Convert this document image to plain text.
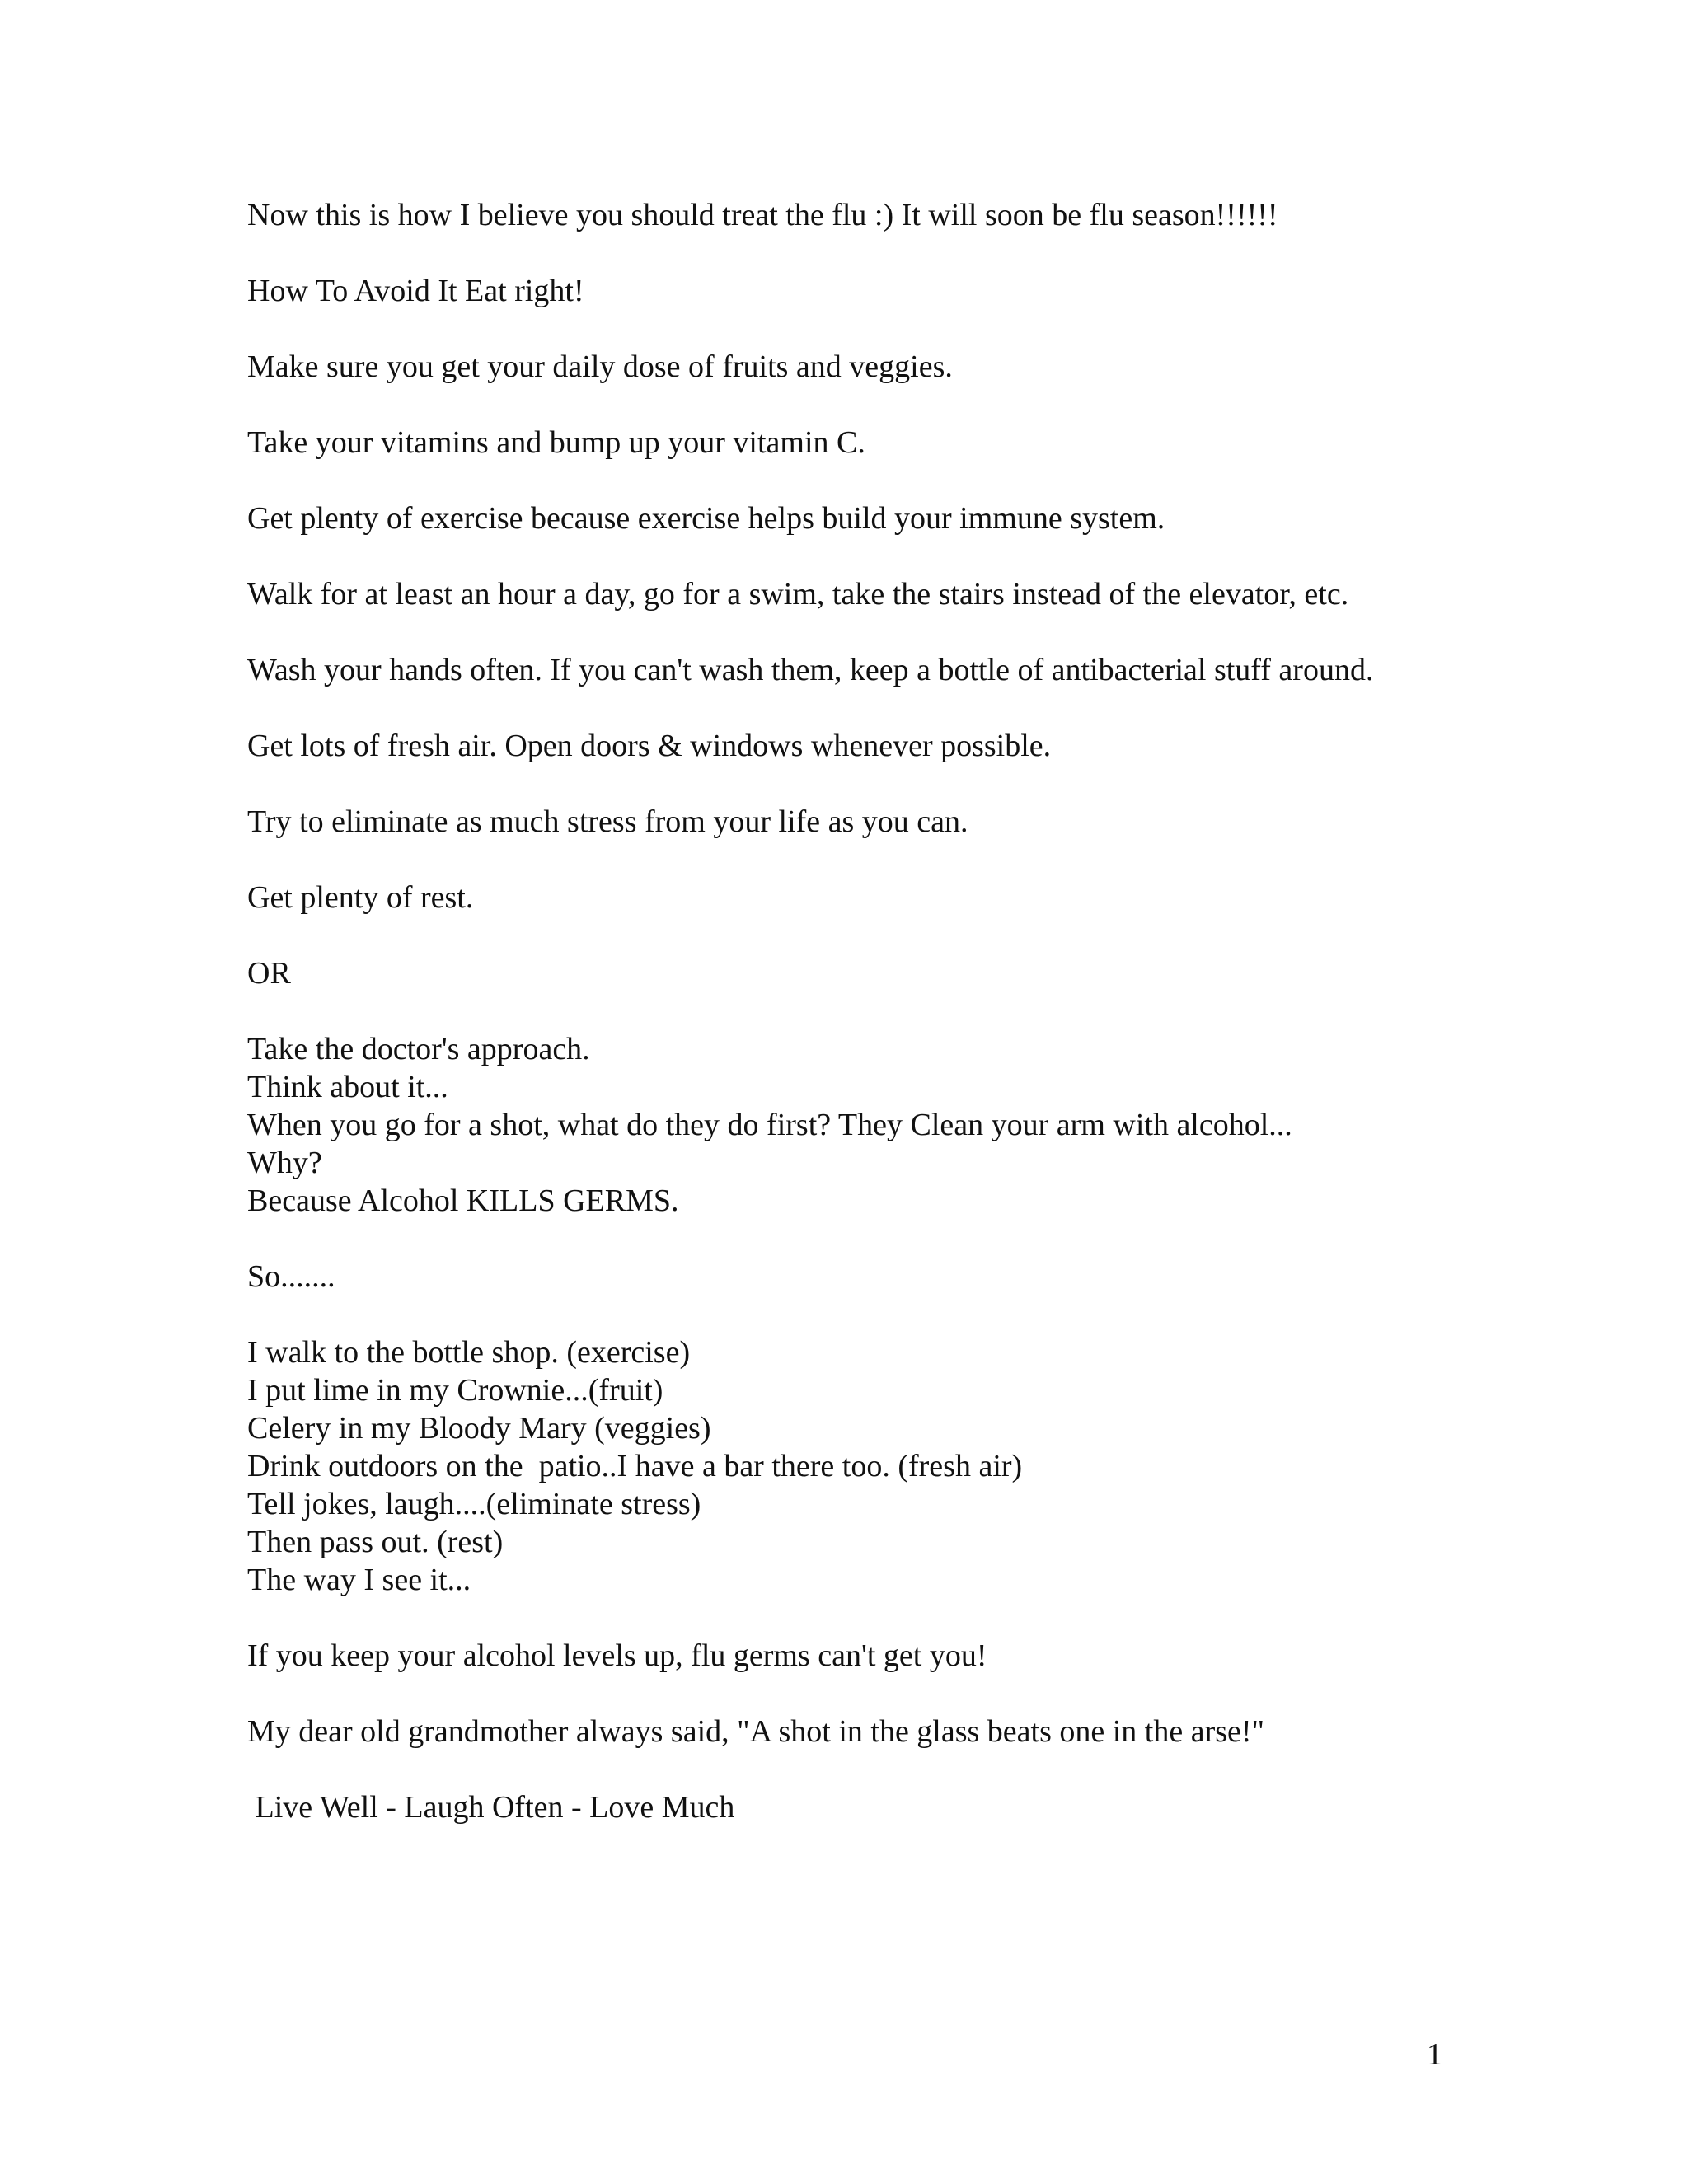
Now this is how I believe you should treat the flu :) It will soon be flu season!!!!!!

How To Avoid It Eat right!

Make sure you get your daily dose of fruits and veggies.

Take your vitamins and bump up your vitamin C.

Get plenty of exercise because exercise helps build your immune system.

Walk for at least an hour a day, go for a swim, take the stairs instead of the elevator, etc.

Wash your hands often. If you can't wash them, keep a bottle of antibacterial stuff around.

Get lots of fresh air. Open doors & windows whenever possible.

Try to eliminate as much stress from your life as you can.

Get plenty of rest.

OR

Take the doctor's approach.
Think about it...
When you go for a shot, what do they do first? They Clean your arm with alcohol...
Why?
Because Alcohol KILLS GERMS.

So.......

I walk to the bottle shop. (exercise)
I put lime in my Crownie...(fruit)
Celery in my Bloody Mary (veggies)
Drink outdoors on the  patio..I have a bar there too. (fresh air)
Tell jokes, laugh....(eliminate stress)
Then pass out. (rest)
The way I see it...

If you keep your alcohol levels up, flu germs can't get you!

My dear old grandmother always said, "A shot in the glass beats one in the arse!"

Live Well - Laugh Often - Love Much

1
